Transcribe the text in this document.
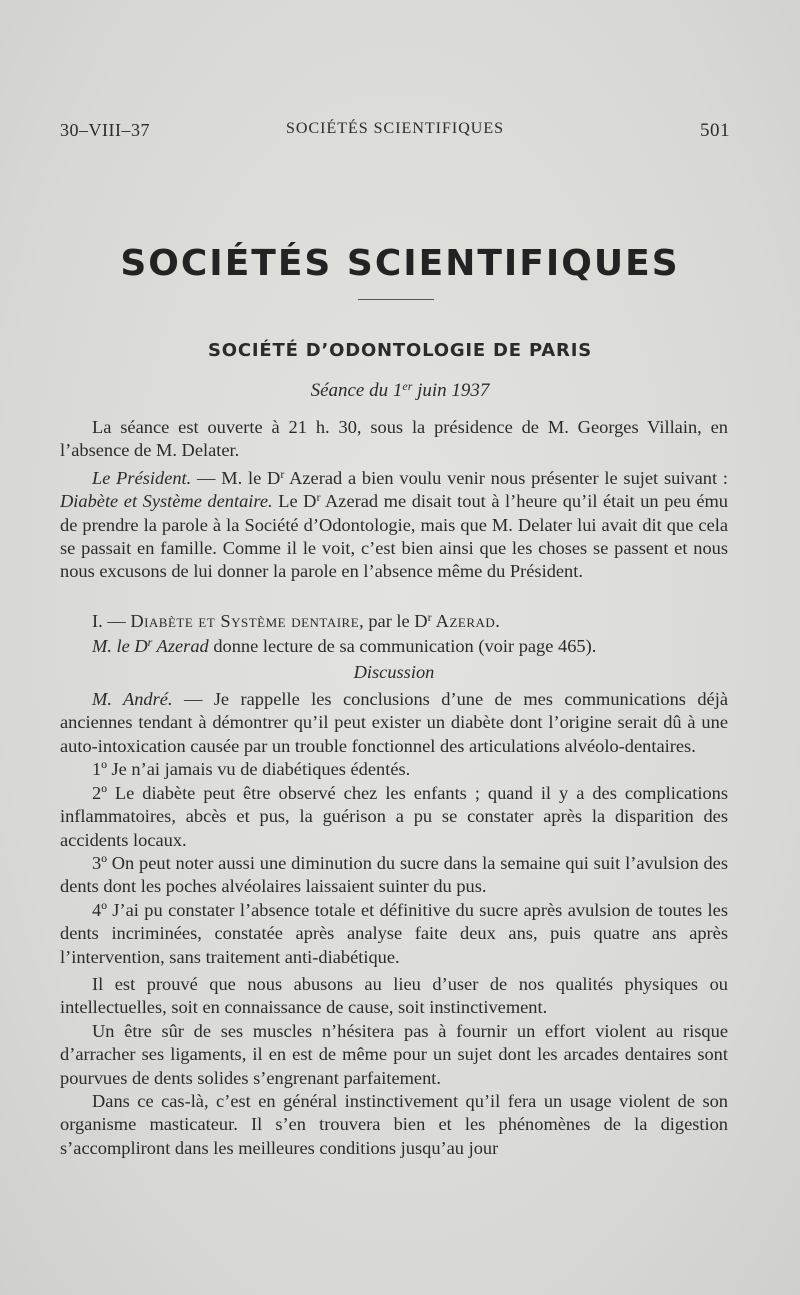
30–VIII–37	SOCIÉTÉS SCIENTIFIQUES	501
SOCIÉTÉS SCIENTIFIQUES
SOCIÉTÉ D’ODONTOLOGIE DE PARIS
Séance du 1er juin 1937

La séance est ouverte à 21 h. 30, sous la présidence de M. Georges Villain, en l’absence de M. Delater.

Le Président. — M. le $D^r$ Azerad a bien voulu venir nous présenter le sujet suivant : Diabète et Système dentaire. Le $D^r$ Azerad me disait tout à l’heure qu’il était un peu ému de prendre la parole à la Société d’Odontologie, mais que M. Delater lui avait dit que cela se passait en famille. Comme il le voit, c’est bien ainsi que les choses se passent et nous nous excusons de lui donner la parole en l’absence même du Président.

I. — Diabète et Système dentaire, par le $D^r$ Azerad.

M. le $D^r$ Azerad donne lecture de sa communication (voir page 465).

Discussion

M. André. — Je rappelle les conclusions d’une de mes communications déjà anciennes tendant à démontrer qu’il peut exister un diabète dont l’origine serait dû à une auto-intoxication causée par un trouble fonctionnel des articulations alvéolo-dentaires.

1º Je n’ai jamais vu de diabétiques édentés.

2º Le diabète peut être observé chez les enfants ; quand il y a des complications inflammatoires, abcès et pus, la guérison a pu se constater après la disparition des accidents locaux.

3º On peut noter aussi une diminution du sucre dans la semaine qui suit l’avulsion des dents dont les poches alvéolaires laissaient suinter du pus.

4º J’ai pu constater l’absence totale et définitive du sucre après avulsion de toutes les dents incriminées, constatée après analyse faite deux ans, puis quatre ans après l’intervention, sans traitement anti-diabétique.

Il est prouvé que nous abusons au lieu d’user de nos qualités physiques ou intellectuelles, soit en connaissance de cause, soit instinctivement.

Un être sûr de ses muscles n’hésitera pas à fournir un effort violent au risque d’arracher ses ligaments, il en est de même pour un sujet dont les arcades dentaires sont pourvues de dents solides s’engrenant parfaitement.

Dans ce cas-là, c’est en général instinctivement qu’il fera un usage violent de son organisme masticateur. Il s’en trouvera bien et les phénomènes de la digestion s’accompliront dans les meilleures conditions jusqu’au jour
